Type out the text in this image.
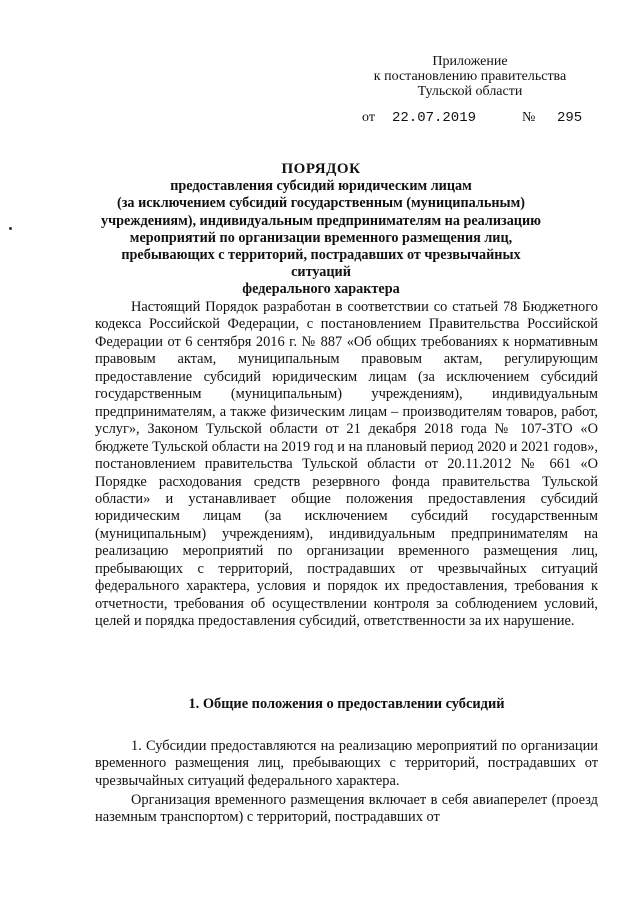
Приложение
к постановлению правительства
Тульской области
от 22.07.2019	№ 295
ПОРЯДОК
предоставления субсидий юридическим лицам
(за исключением субсидий государственным (муниципальным)
учреждениям), индивидуальным предпринимателям на реализацию
мероприятий по организации временного размещения лиц,
пребывающих с территорий, пострадавших от чрезвычайных ситуаций
федерального характера
Настоящий Порядок разработан в соответствии со статьей 78 Бюджетного кодекса Российской Федерации, с постановлением Правительства Российской Федерации от 6 сентября 2016 г. № 887 «Об общих требованиях к нормативным правовым актам, муниципальным правовым актам, регулирующим предоставление субсидий юридическим лицам (за исключением субсидий государственным (муниципальным) учреждениям), индивидуальным предпринимателям, а также физическим лицам – производителям товаров, работ, услуг», Законом Тульской области от 21 декабря 2018 года № 107-ЗТО «О бюджете Тульской области на 2019 год и на плановый период 2020 и 2021 годов», постановлением правительства Тульской области от 20.11.2012 № 661 «О Порядке расходования средств резервного фонда правительства Тульской области» и устанавливает общие положения предоставления субсидий юридическим лицам (за исключением субсидий государственным (муниципальным) учреждениям), индивидуальным предпринимателям на реализацию мероприятий по организации временного размещения лиц, пребывающих с территорий, пострадавших от чрезвычайных ситуаций федерального характера, условия и порядок их предоставления, требования к отчетности, требования об осуществлении контроля за соблюдением условий, целей и порядка предоставления субсидий, ответственности за их нарушение.
1. Общие положения о предоставлении субсидий
1. Субсидии предоставляются на реализацию мероприятий по организации временного размещения лиц, пребывающих с территорий, пострадавших от чрезвычайных ситуаций федерального характера.
Организация временного размещения включает в себя авиаперелет (проезд наземным транспортом) с территорий, пострадавших от
